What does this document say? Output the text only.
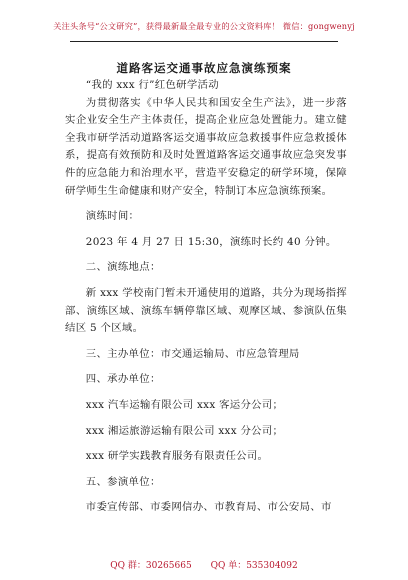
关注头条号“公文研究”，获得最新最全最专业的公文资料库！ 微信：gongwenyj
道路客运交通事故应急演练预案

“我的 xxx 行”红色研学活动

为贯彻落实《中华人民共和国安全生产法》，进一步落实企业安全生产主体责任，提高企业应急处置能力。建立健全我市研学活动道路客运交通事故应急救援事件应急救援体系，提高有效预防和及时处置道路客运交通事故应急突发事件的应急能力和治理水平，营造平安稳定的研学环境，保障研学师生生命健康和财产安全，特制订本应急演练预案。

演练时间：

2023 年 4 月 27 日 15:30，演练时长约 40 分钟。

二、演练地点：

新 xxx 学校南门暂未开通使用的道路，共分为现场指挥部、演练区域、演练车辆停靠区域、观摩区域、参演队伍集结区 5 个区域。

三、主办单位：市交通运输局、市应急管理局

四、承办单位：

xxx 汽车运输有限公司 xxx 客运分公司；

xxx 湘运旅游运输有限公司 xxx 分公司；

xxx 研学实践教育服务有限责任公司。

五、参演单位：

市委宣传部、市委网信办、市教育局、市公安局、市

QQ 群：30265665 QQ 单：535304092
